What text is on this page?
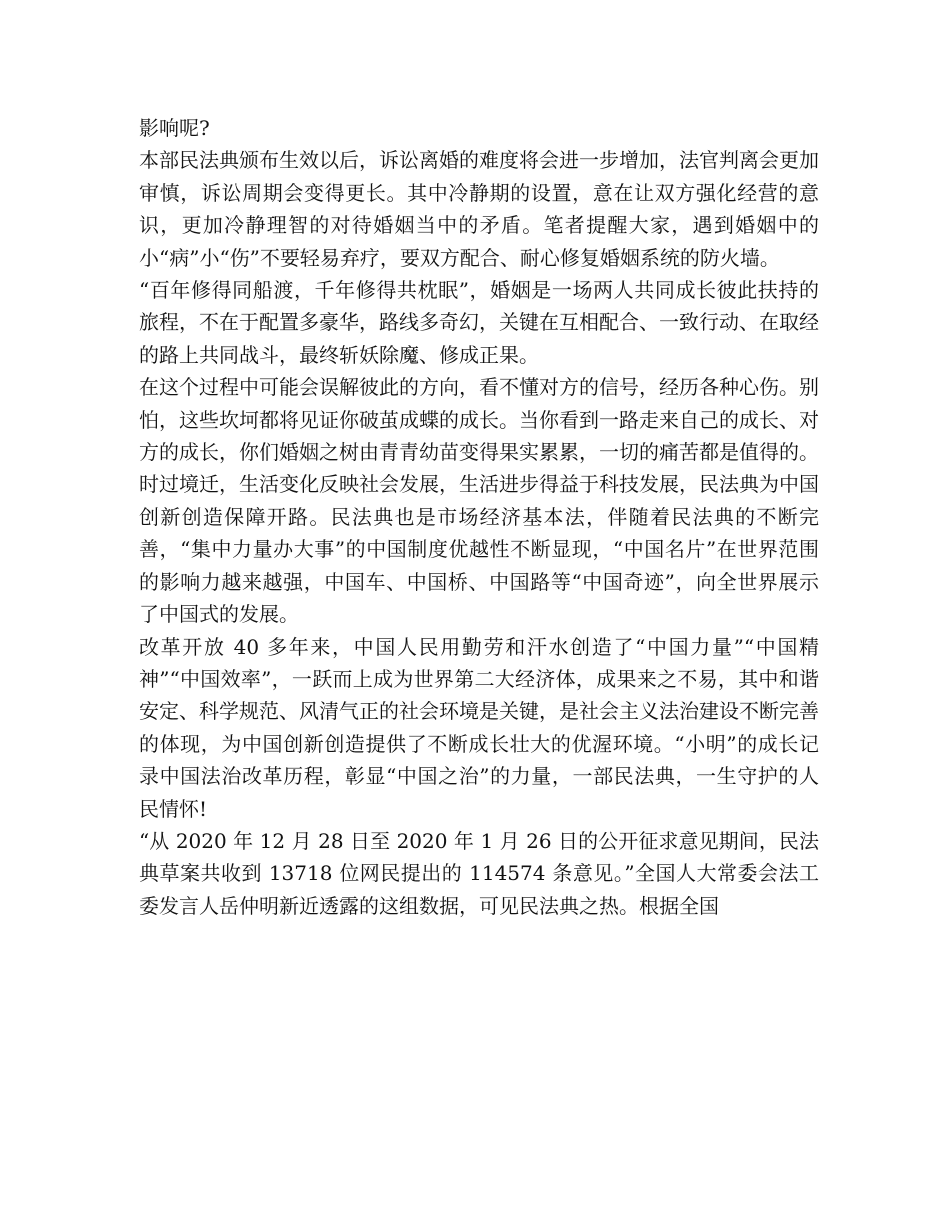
影响呢?

本部民法典颁布生效以后，诉讼离婚的难度将会进一步增加，法官判离会更加审慎，诉讼周期会变得更长。其中冷静期的设置，意在让双方强化经营的意识，更加冷静理智的对待婚姻当中的矛盾。笔者提醒大家，遇到婚姻中的小“病”小“伤”不要轻易弃疗，要双方配合、耐心修复婚姻系统的防火墙。

“百年修得同船渡，千年修得共枕眠”，婚姻是一场两人共同成长彼此扶持的旅程，不在于配置多豪华，路线多奇幻，关键在互相配合、一致行动、在取经的路上共同战斗，最终斩妖除魔、修成正果。

在这个过程中可能会误解彼此的方向，看不懂对方的信号，经历各种心伤。别怕，这些坎坷都将见证你破茧成蝶的成长。当你看到一路走来自己的成长、对方的成长，你们婚姻之树由青青幼苗变得果实累累，一切的痛苦都是值得的。

时过境迁，生活变化反映社会发展，生活进步得益于科技发展，民法典为中国创新创造保障开路。民法典也是市场经济基本法，伴随着民法典的不断完善，“集中力量办大事”的中国制度优越性不断显现，“中国名片”在世界范围的影响力越来越强，中国车、中国桥、中国路等“中国奇迹”，向全世界展示了中国式的发展。

改革开放 40 多年来，中国人民用勤劳和汗水创造了“中国力量”“中国精神”“中国效率”，一跃而上成为世界第二大经济体，成果来之不易，其中和谐安定、科学规范、风清气正的社会环境是关键，是社会主义法治建设不断完善的体现，为中国创新创造提供了不断成长壮大的优渥环境。“小明”的成长记录中国法治改革历程，彰显“中国之治”的力量，一部民法典，一生守护的人民情怀!

“从 2020 年 12 月 28 日至 2020 年 1 月 26 日的公开征求意见期间，民法典草案共收到 13718 位网民提出的 114574 条意见。”全国人大常委会法工委发言人岳仲明新近透露的这组数据，可见民法典之热。根据全国
